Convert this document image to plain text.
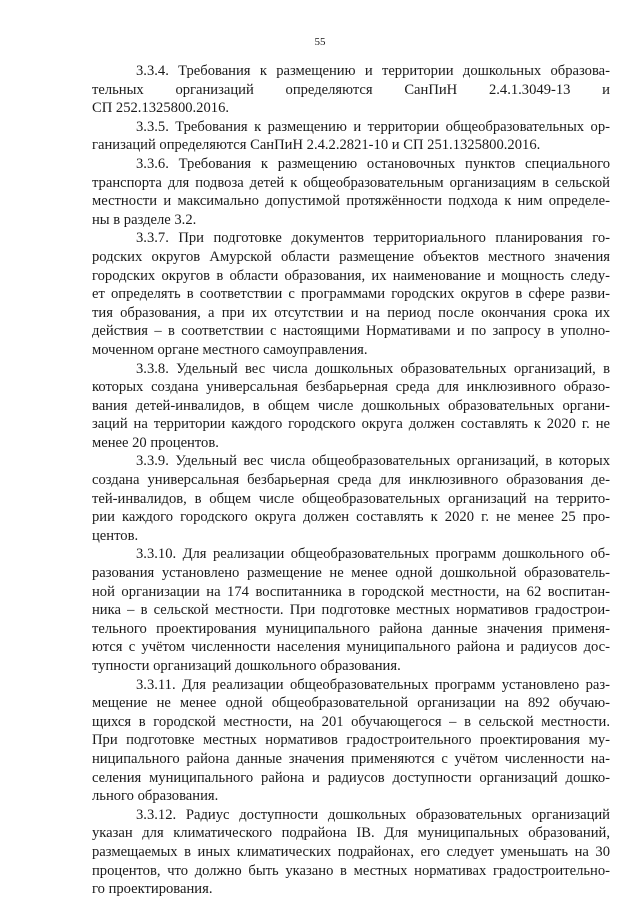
55
3.3.4. Требования к размещению и территории дошкольных образова-
тельных организаций определяются СанПиН 2.4.1.3049-13 и
СП 252.1325800.2016.
3.3.5. Требования к размещению и территории общеобразовательных ор-
ганизаций определяются СанПиН 2.4.2.2821-10 и СП 251.1325800.2016.
3.3.6. Требования к размещению остановочных пунктов специального
транспорта для подвоза детей к общеобразовательным организациям в сельской
местности и максимально допустимой протяжённости подхода к ним определе-
ны в разделе 3.2.
3.3.7. При подготовке документов территориального планирования го-
родских округов Амурской области размещение объектов местного значения
городских округов в области образования, их наименование и мощность следу-
ет определять в соответствии с программами городских округов в сфере разви-
тия образования, а при их отсутствии и на период после окончания срока их
действия – в соответствии с настоящими Нормативами и по запросу в уполно-
моченном органе местного самоуправления.
3.3.8. Удельный вес числа дошкольных образовательных организаций, в
которых создана универсальная безбарьерная среда для инклюзивного образо-
вания детей-инвалидов, в общем числе дошкольных образовательных органи-
заций на территории каждого городского округа должен составлять к 2020 г. не
менее 20 процентов.
3.3.9. Удельный вес числа общеобразовательных организаций, в которых
создана универсальная безбарьерная среда для инклюзивного образования де-
тей-инвалидов, в общем числе общеобразовательных организаций на террито-
рии каждого городского округа должен составлять к 2020 г. не менее 25 про-
центов.
3.3.10. Для реализации общеобразовательных программ дошкольного об-
разования установлено размещение не менее одной дошкольной образователь-
ной организации на 174 воспитанника в городской местности, на 62 воспитан-
ника – в сельской местности. При подготовке местных нормативов градострои-
тельного проектирования муниципального района данные значения применя-
ются с учётом численности населения муниципального района и радиусов дос-
тупности организаций дошкольного образования.
3.3.11. Для реализации общеобразовательных программ установлено раз-
мещение не менее одной общеобразовательной организации на 892 обучаю-
щихся в городской местности, на 201 обучающегося – в сельской местности.
При подготовке местных нормативов градостроительного проектирования му-
ниципального района данные значения применяются с учётом численности на-
селения муниципального района и радиусов доступности организаций дошко-
льного образования.
3.3.12. Радиус доступности дошкольных образовательных организаций
указан для климатического подрайона IB. Для муниципальных образований,
размещаемых в иных климатических подрайонах, его следует уменьшать на 30
процентов, что должно быть указано в местных нормативах градостроительно-
го проектирования.
